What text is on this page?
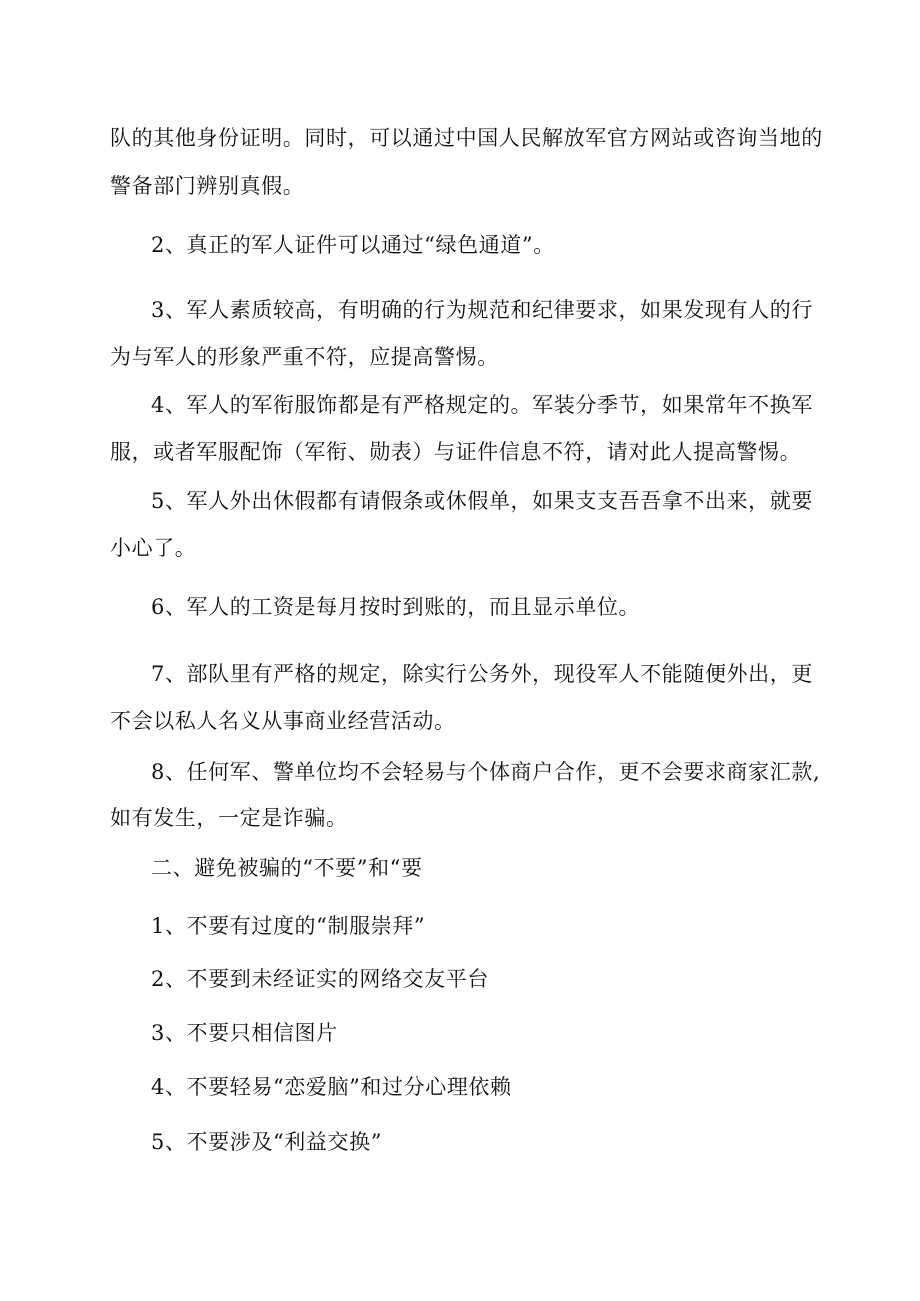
队的其他身份证明。同时，可以通过中国人民解放军官方网站或咨询当地的
警备部门辨别真假。
2、真正的军人证件可以通过“绿色通道”。
3、军人素质较高，有明确的行为规范和纪律要求，如果发现有人的行
为与军人的形象严重不符，应提高警惕。
4、军人的军衔服饰都是有严格规定的。军装分季节，如果常年不换军
服，或者军服配饰（军衔、勋表）与证件信息不符，请对此人提高警惕。
5、军人外出休假都有请假条或休假单，如果支支吾吾拿不出来，就要
小心了。
6、军人的工资是每月按时到账的，而且显示单位。
7、部队里有严格的规定，除实行公务外，现役军人不能随便外出，更
不会以私人名义从事商业经营活动。
8、任何军、警单位均不会轻易与个体商户合作，更不会要求商家汇款,
如有发生，一定是诈骗。
二、避免被骗的“不要”和“要
1、不要有过度的“制服崇拜”
2、不要到未经证实的网络交友平台
3、不要只相信图片
4、不要轻易“恋爱脑”和过分心理依赖
5、不要涉及“利益交换”
